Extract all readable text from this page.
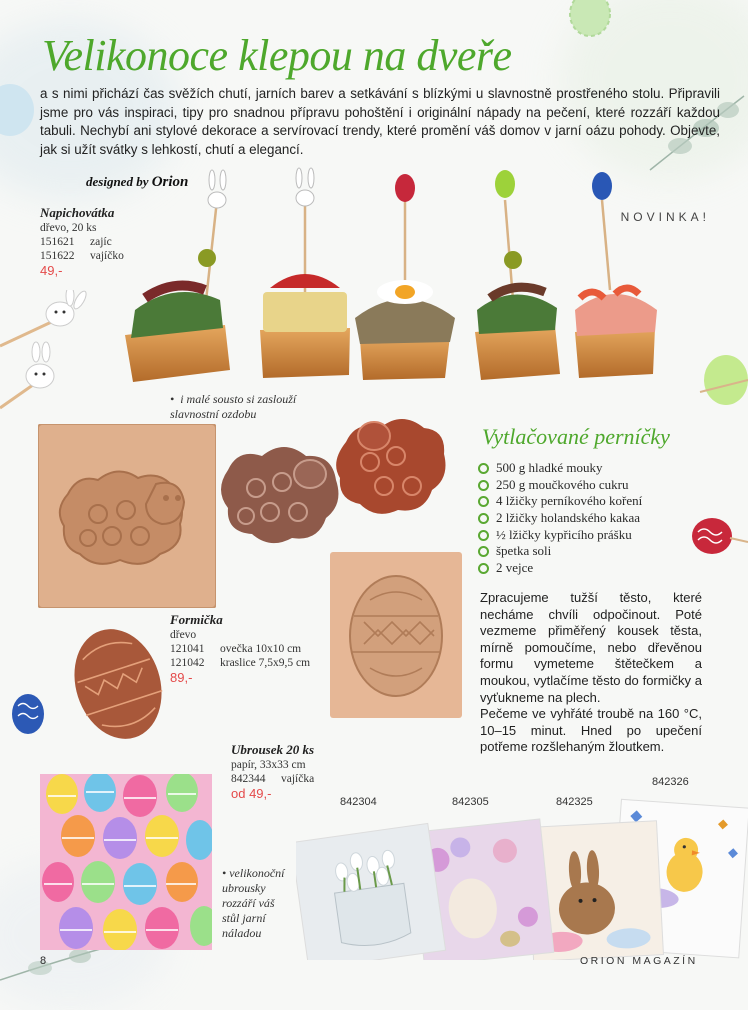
Velikonoce klepou na dveře
a s nimi přichází čas svěžích chutí, jarních barev a setkávání s blízkými u slavnostně prostřeného stolu. Připravili jsme pro vás inspiraci, tipy pro snadnou přípravu pohoštění i originální nápady na pečení, které rozzáří každou tabuli. Nechybí ani stylové dekorace a servírovací trendy, které promění váš domov v jarní oázu pohody. Objevte, jak si užít svátky s lehkostí, chutí a elegancí.
designed by Orion
Napichovátka
dřevo, 20 ks
151621	zajíc
151622	vajíčko
49,-
NOVINKA!
•  i malé sousto si zaslouží slavnostní ozdobu
Vytlačované perníčky
500 g hladké mouky
250 g moučkového cukru
4 lžičky perníkového koření
2 lžičky holandského kakaa
½ lžičky kypřicího prášku
špetka soli
2 vejce
Zpracujeme tužší těsto, které necháme chvíli odpočinout. Poté vezmeme přiměřený kousek těsta, mírně pomoučíme, nebo dřevěnou formu vymeteme štětečkem a moukou, vytlačíme těsto do formičky a vyťukneme na plech.
Pečeme ve vyhřáté troubě na 160 °C, 10–15 minut. Hned po upečení potřeme rozšlehaným žloutkem.
Formička
dřevo
121041	ovečka 10x10 cm
121042	kraslice 7,5x9,5 cm
89,-
Ubrousek 20 ks
papír, 33x33 cm
842344	vajíčka
od 49,-
• velikonoční ubrousky rozzáří váš stůl jarní náladou
842304	842305	842325
842326
8	ORION MAGAZÍN
